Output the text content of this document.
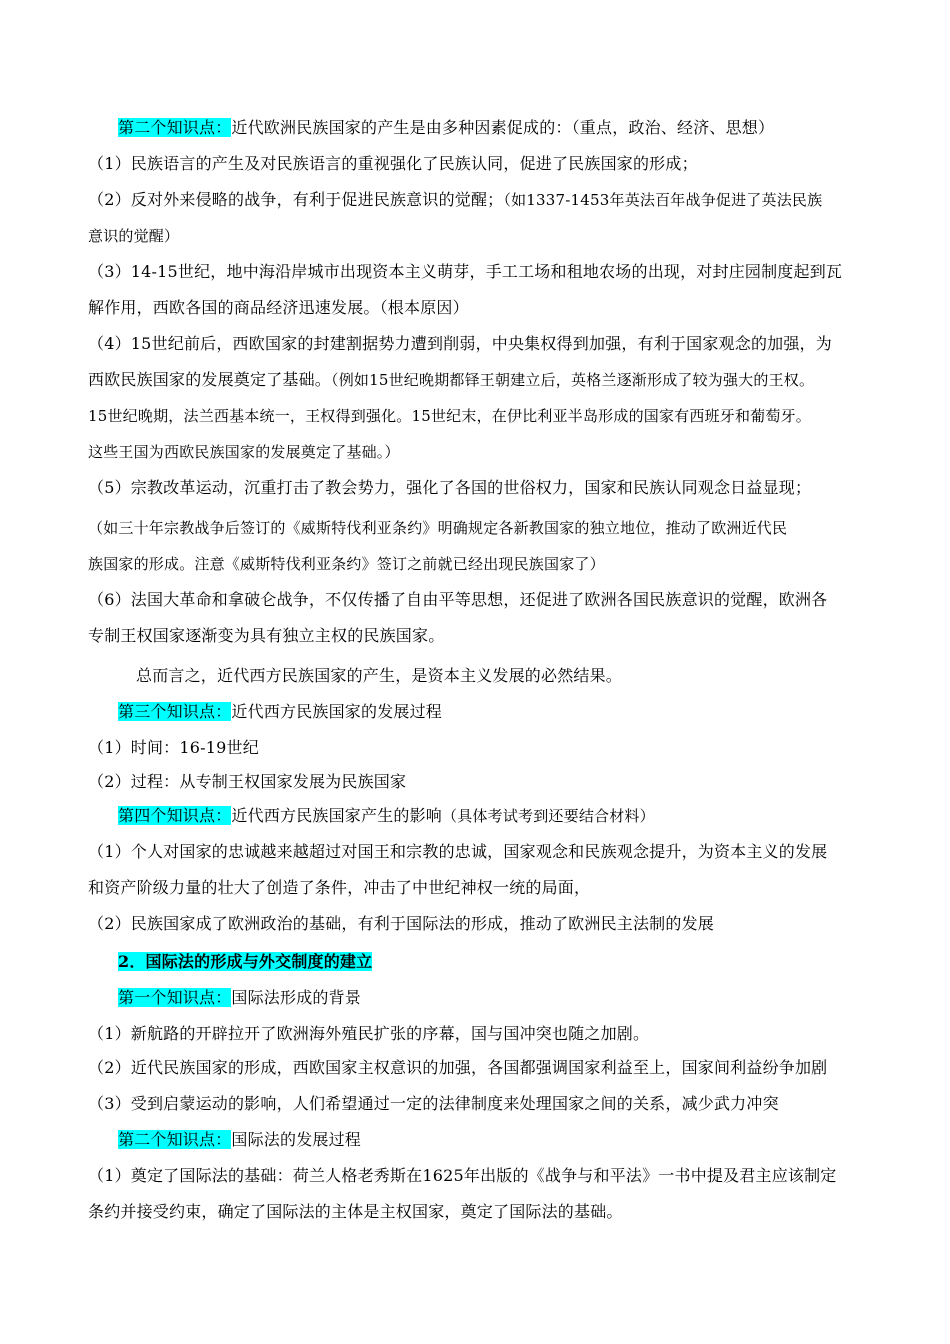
第二个知识点：近代欧洲民族国家的产生是由多种因素促成的：（重点，政治、经济、思想）
（1）民族语言的产生及对民族语言的重视强化了民族认同，促进了民族国家的形成；
（2）反对外来侵略的战争，有利于促进民族意识的觉醒；（如1337-1453年英法百年战争促进了英法民族
意识的觉醒）
（3）14-15世纪，地中海沿岸城市出现资本主义萌芽，手工工场和租地农场的出现，对封庄园制度起到瓦
解作用，西欧各国的商品经济迅速发展。（根本原因）
（4）15世纪前后，西欧国家的封建割据势力遭到削弱，中央集权得到加强，有利于国家观念的加强，为
西欧民族国家的发展奠定了基础。（例如15世纪晚期都铎王朝建立后，英格兰逐渐形成了较为强大的王权。
15世纪晚期，法兰西基本统一，王权得到强化。15世纪末，在伊比利亚半岛形成的国家有西班牙和葡萄牙。
这些王国为西欧民族国家的发展奠定了基础。）
（5）宗教改革运动，沉重打击了教会势力，强化了各国的世俗权力，国家和民族认同观念日益显现；
（如三十年宗教战争后签订的《威斯特伐利亚条约》明确规定各新教国家的独立地位，推动了欧洲近代民
族国家的形成。注意《威斯特伐利亚条约》签订之前就已经出现民族国家了）
（6）法国大革命和拿破仑战争，不仅传播了自由平等思想，还促进了欧洲各国民族意识的觉醒，欧洲各
专制王权国家逐渐变为具有独立主权的民族国家。
总而言之，近代西方民族国家的产生，是资本主义发展的必然结果。
第三个知识点：近代西方民族国家的发展过程
（1）时间：16-19世纪
（2）过程：从专制王权国家发展为民族国家
第四个知识点：近代西方民族国家产生的影响（具体考试考到还要结合材料）
（1）个人对国家的忠诚越来越超过对国王和宗教的忠诚，国家观念和民族观念提升，为资本主义的发展
和资产阶级力量的壮大了创造了条件，冲击了中世纪神权一统的局面，
（2）民族国家成了欧洲政治的基础，有利于国际法的形成，推动了欧洲民主法制的发展
2．国际法的形成与外交制度的建立
第一个知识点：国际法形成的背景
（1）新航路的开辟拉开了欧洲海外殖民扩张的序幕，国与国冲突也随之加剧。
（2）近代民族国家的形成，西欧国家主权意识的加强，各国都强调国家利益至上，国家间利益纷争加剧
（3）受到启蒙运动的影响，人们希望通过一定的法律制度来处理国家之间的关系，减少武力冲突
第二个知识点：国际法的发展过程
（1）奠定了国际法的基础：荷兰人格老秀斯在1625年出版的《战争与和平法》一书中提及君主应该制定
条约并接受约束，确定了国际法的主体是主权国家，奠定了国际法的基础。
